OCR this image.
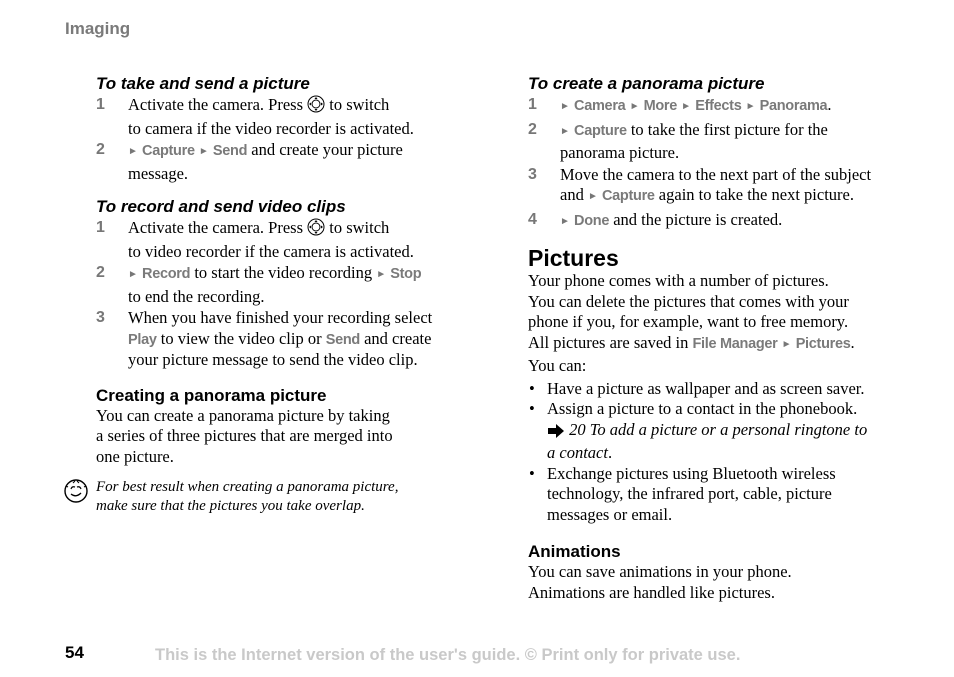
Imaging
To take and send a picture
1 Activate the camera. Press  to switch
to camera if the video recorder is activated.
2 ► Capture ► Send and create your picture
message.
To record and send video clips
1 Activate the camera. Press  to switch
to video recorder if the camera is activated.
2 ► Record to start the video recording ► Stop
to end the recording.
3 When you have finished your recording select
Play to view the video clip or Send and create
your picture message to send the video clip.
Creating a panorama picture
You can create a panorama picture by taking
a series of three pictures that are merged into
one picture.
For best result when creating a panorama picture,
make sure that the pictures you take overlap.
To create a panorama picture
1 ► Camera ► More ► Effects ► Panorama.
2 ► Capture to take the first picture for the
panorama picture.
3 Move the camera to the next part of the subject
and ► Capture again to take the next picture.
4 ► Done and the picture is created.
Pictures
Your phone comes with a number of pictures.
You can delete the pictures that comes with your
phone if you, for example, want to free memory.
All pictures are saved in File Manager ► Pictures.
You can:
• Have a picture as wallpaper and as screen saver.
• Assign a picture to a contact in the phonebook.
20 To add a picture or a personal ringtone to
a contact.
• Exchange pictures using Bluetooth wireless
technology, the infrared port, cable, picture
messages or email.
Animations
You can save animations in your phone.
Animations are handled like pictures.
54	This is the Internet version of the user's guide. © Print only for private use.
